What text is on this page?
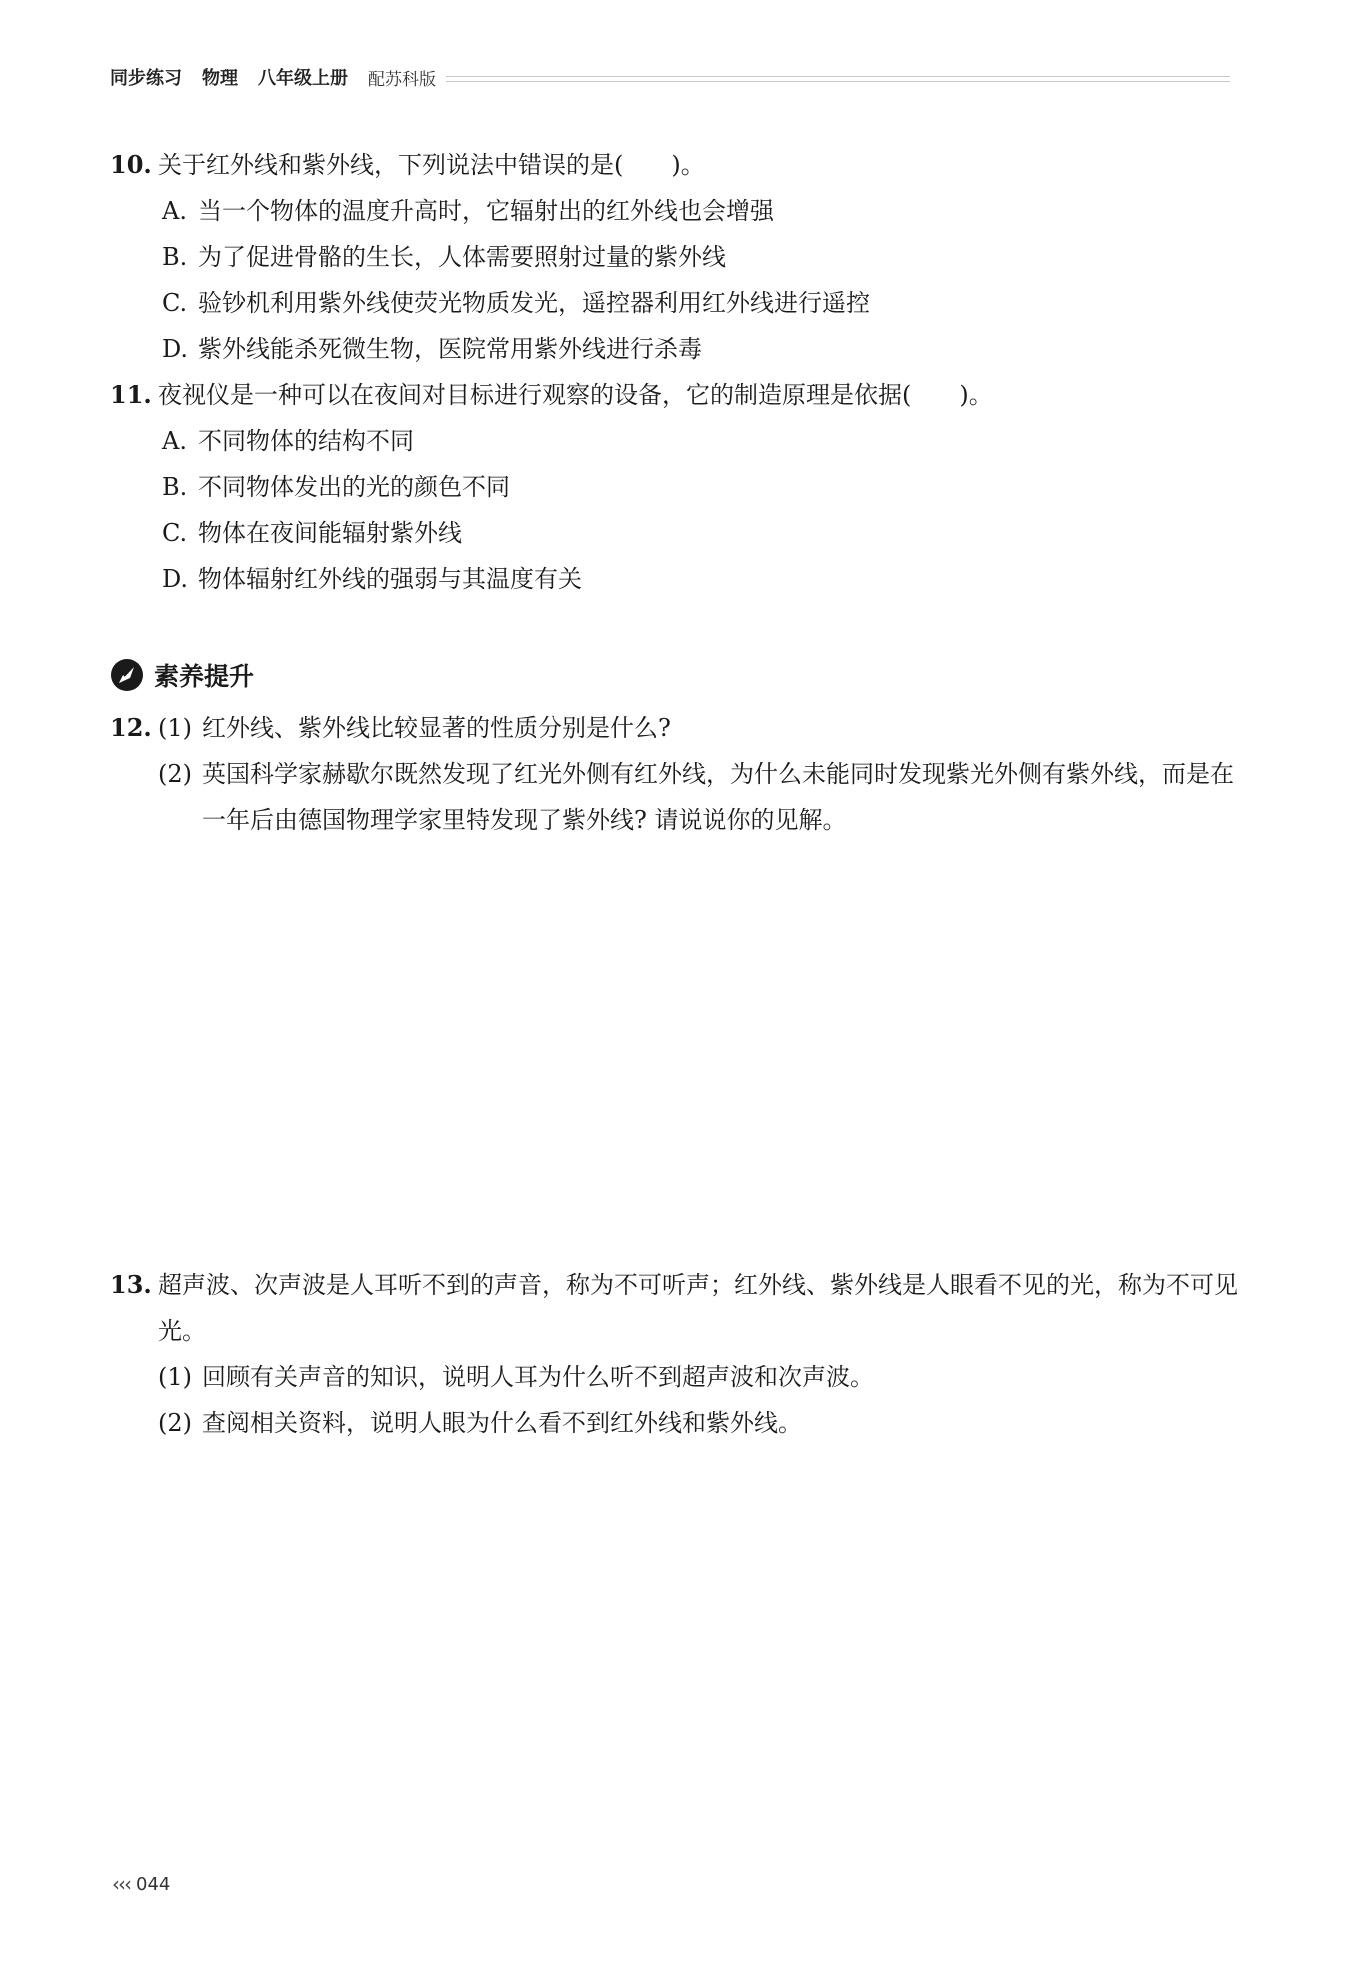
同步练习 物理 八年级上册 配苏科版
10. 关于红外线和紫外线，下列说法中错误的是(　　)。
A. 当一个物体的温度升高时，它辐射出的红外线也会增强
B. 为了促进骨骼的生长，人体需要照射过量的紫外线
C. 验钞机利用紫外线使荧光物质发光，遥控器利用红外线进行遥控
D. 紫外线能杀死微生物，医院常用紫外线进行杀毒
11. 夜视仪是一种可以在夜间对目标进行观察的设备，它的制造原理是依据(　　)。
A. 不同物体的结构不同
B. 不同物体发出的光的颜色不同
C. 物体在夜间能辐射紫外线
D. 物体辐射红外线的强弱与其温度有关
素养提升
12. (1) 红外线、紫外线比较显著的性质分别是什么?
(2) 英国科学家赫歇尔既然发现了红光外侧有红外线，为什么未能同时发现紫光外侧有紫外线，而是在一年后由德国物理学家里特发现了紫外线? 请说说你的见解。
13. 超声波、次声波是人耳听不到的声音，称为不可听声；红外线、紫外线是人眼看不见的光，称为不可见光。
(1) 回顾有关声音的知识，说明人耳为什么听不到超声波和次声波。
(2) 查阅相关资料，说明人眼为什么看不到红外线和紫外线。
‹‹‹ 044
